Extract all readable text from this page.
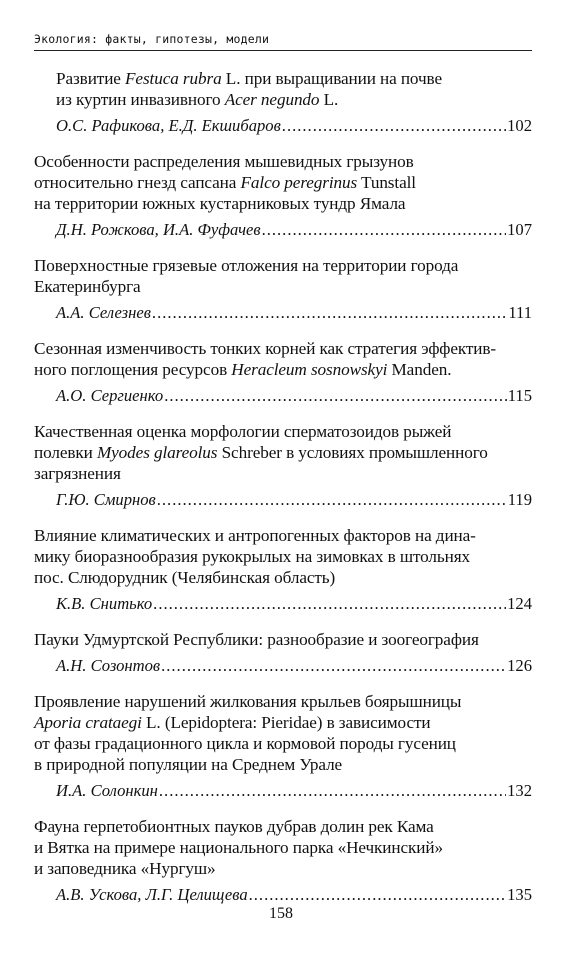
Экология: факты, гипотезы, модели
Развитие Festuca rubra L. при выращивании на почве
из куртин инвазивного Acer negundo L.
О.С. Рафикова, Е.Д. Екшибаров .....	102
Особенности распределения мышевидных грызунов
относительно гнезд сапсана Falco peregrinus Tunstall
на территории южных кустарниковых тундр Ямала
Д.Н. Рожкова, И.А. Фуфачев .....	107
Поверхностные грязевые отложения на территории города
Екатеринбурга
А.А. Селезнев .....	111
Сезонная изменчивость тонких корней как стратегия эффектив-
ного поглощения ресурсов Heracleum sosnowskyi Manden.
А.О. Сергиенко .....	115
Качественная оценка морфологии сперматозоидов рыжей
полевки Myodes glareolus Schreber в условиях промышленного
загрязнения
Г.Ю. Смирнов .....	119
Влияние климатических и антропогенных факторов на дина-
мику биоразнообразия рукокрылых на зимовках в штольнях
пос. Слюдорудник (Челябинская область)
К.В. Снитько .....	124
Пауки Удмуртской Республики: разнообразие и зоогеография
А.Н. Созонтов .....	126
Проявление нарушений жилкования крыльев боярышницы
Aporia crataegi L. (Lepidoptera: Pieridae) в зависимости
от фазы градационного цикла и кормовой породы гусениц
в природной популяции на Среднем Урале
И.А. Солонкин .....	132
Фауна герпетобионтных пауков дубрав долин рек Кама
и Вятка на примере национального парка «Нечкинский»
и заповедника «Нургуш»
А.В. Ускова, Л.Г. Целищева .....	135
158
